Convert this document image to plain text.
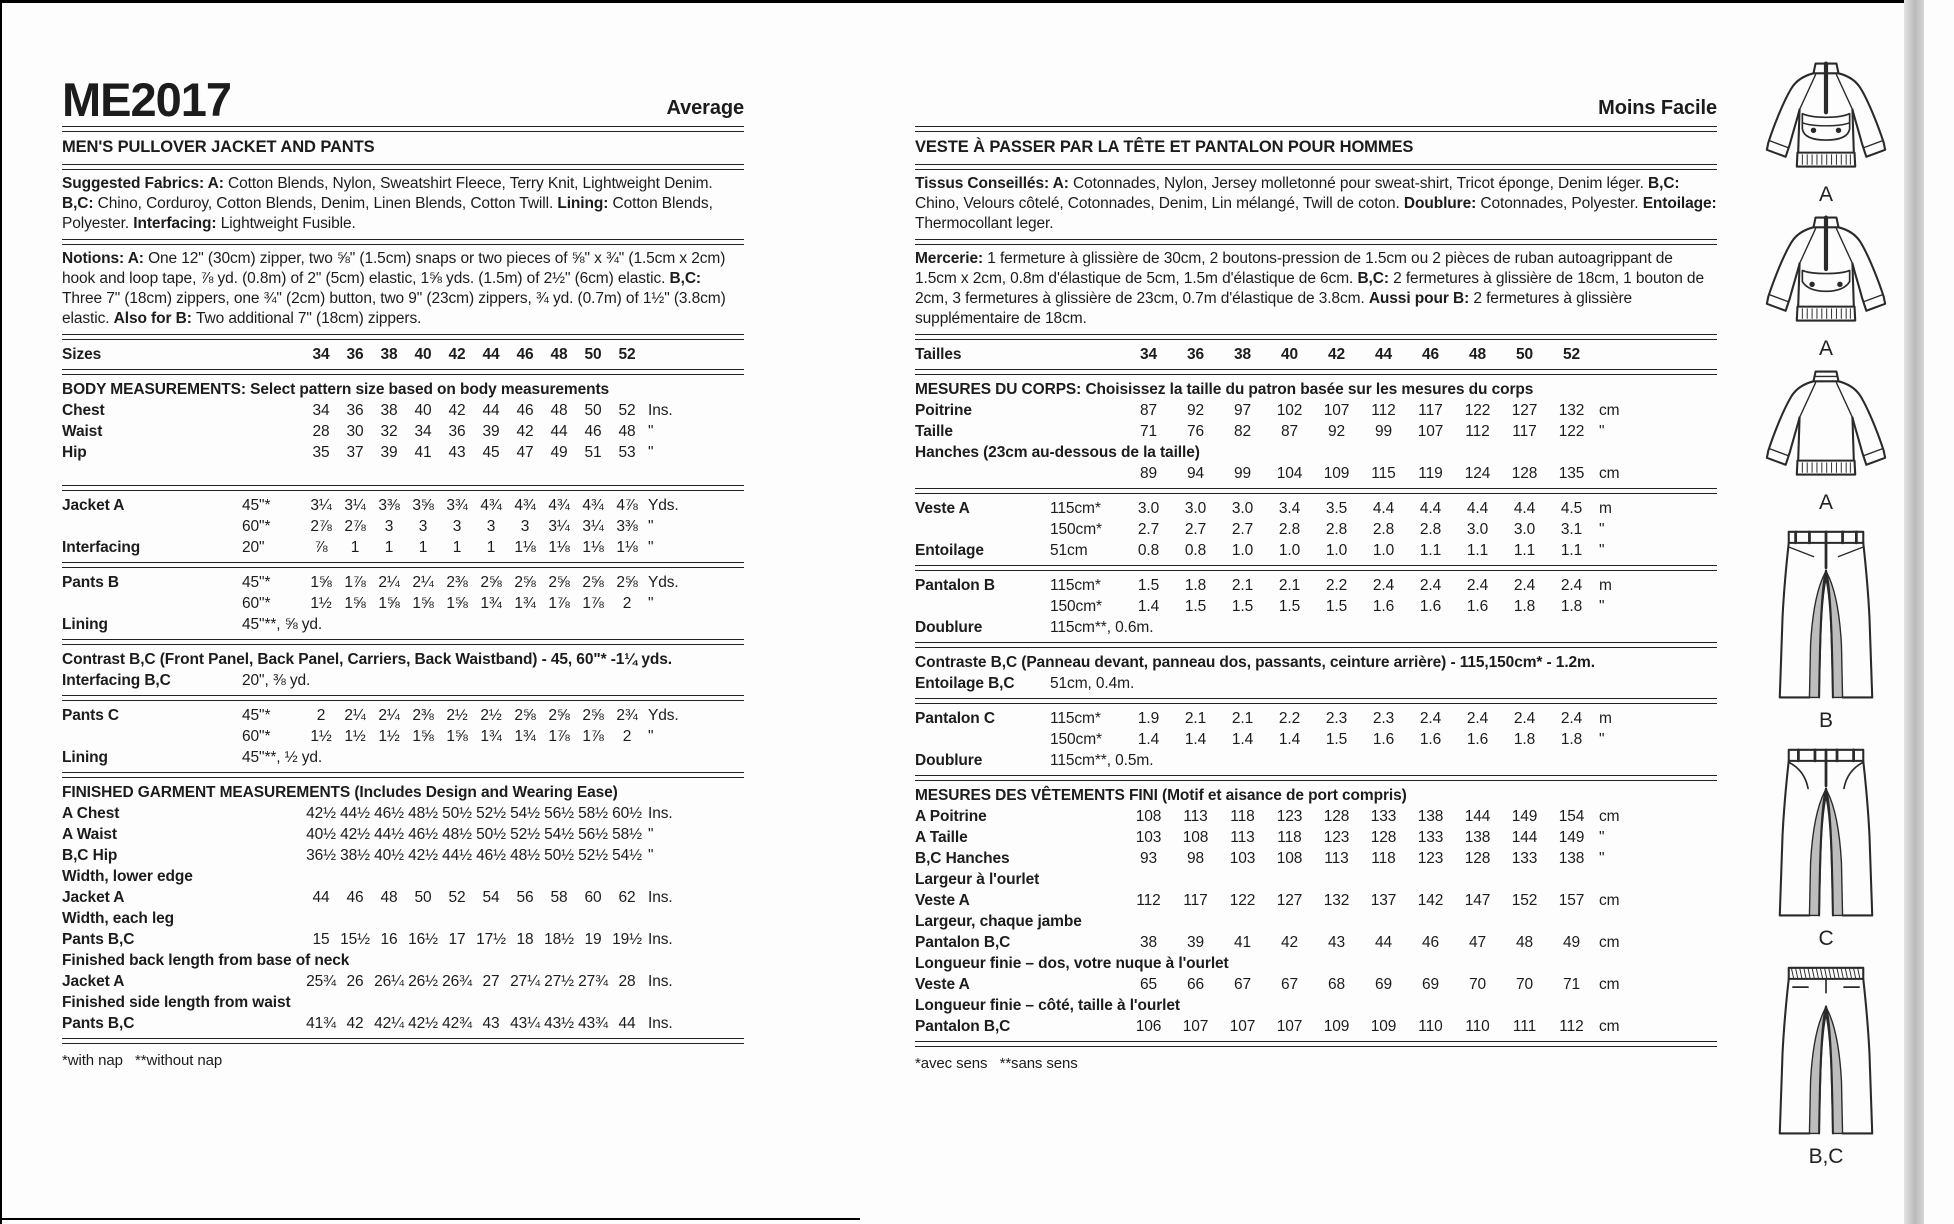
ME2017	Average
MEN'S PULLOVER JACKET AND PANTS

Suggested Fabrics: A: Cotton Blends, Nylon, Sweatshirt Fleece, Terry Knit, Lightweight Denim. B,C: Chino, Corduroy, Cotton Blends, Denim, Linen Blends, Cotton Twill. Lining: Cotton Blends, Polyester. Interfacing: Lightweight Fusible.

Notions: A: One 12" (30cm) zipper, two ⅝" (1.5cm) snaps or two pieces of ⅝" x ¾" (1.5cm x 2cm) hook and loop tape, ⅞ yd. (0.8m) of 2" (5cm) elastic, 1⅝ yds. (1.5m) of 2½" (6cm) elastic. B,C: Three 7" (18cm) zippers, one ¾" (2cm) button, two 9" (23cm) zippers, ¾ yd. (0.7m) of 1½" (3.8cm) elastic. Also for B: Two additional 7" (18cm) zippers.

Sizes	34	36	38	40	42	44	46	48	50	52
BODY MEASUREMENTS: Select pattern size based on body measurements
Chest	34	36	38	40	42	44	46	48	50	52 Ins.
Waist	28	30	32	34	36	39	42	44	46	48 "
Hip	35	37	39	41	43	45	47	49	51	53 "
Jacket A	45"*	3¼ 3¼ 3⅜ 3⅝ 3¾ 4¾ 4¾ 4¾ 4¾ 4⅞ Yds.
60"*	2⅞ 2⅞	3	3	3	3	3	3¼ 3¼ 3⅜ "
Interfacing	20"	⅞	1	1	1	1	1	1⅛ 1⅛ 1⅛ 1⅛ "
Pants B	45"*	1⅝ 1⅞ 2¼ 2¼ 2⅜ 2⅝ 2⅝ 2⅝ 2⅝ 2⅝ Yds.
60"*	1½ 1⅝ 1⅝ 1⅝ 1⅝ 1¾ 1¾ 1⅞ 1⅞	2	"
Lining	45"**, ⅝ yd.
Contrast B,C (Front Panel, Back Panel, Carriers, Back Waistband) - 45, 60"* -1¼ yds.
Interfacing B,C	20", ⅜ yd.
Pants C	45"*	2	2¼ 2¼ 2⅜ 2½ 2½ 2⅝ 2⅝ 2⅝ 2¾ Yds.
60"*	1½ 1½ 1½ 1⅝ 1⅝ 1¾ 1¾ 1⅞ 1⅞	2	"
Lining	45"**, ½ yd.
FINISHED GARMENT MEASUREMENTS (Includes Design and Wearing Ease)
A Chest	42½ 44½ 46½ 48½ 50½ 52½ 54½ 56½ 58½ 60½ Ins.
A Waist	40½ 42½ 44½ 46½ 48½ 50½ 52½ 54½ 56½ 58½ "
B,C Hip	36½ 38½ 40½ 42½ 44½ 46½ 48½ 50½ 52½ 54½ "
Width, lower edge
Jacket A	44	46	48	50	52	54	56	58	60	62 Ins.
Width, each leg
Pants B,C	15 15½ 16 16½ 17 17½ 18 18½ 19 19½ Ins.
Finished back length from base of neck
Jacket A	25¾ 26 26¼ 26½ 26¾ 27 27¼ 27½ 27¾ 28 Ins.
Finished side length from waist
Pants B,C	41¾ 42 42¼ 42½ 42¾ 43 43¼ 43½ 43¾ 44 Ins.

*with nap   **without nap

Moins Facile
VESTE À PASSER PAR LA TÊTE ET PANTALON POUR HOMMES

Tissus Conseillés: A: Cotonnades, Nylon, Jersey molletonné pour sweat-shirt, Tricot éponge, Denim léger. B,C: Chino, Velours côtelé, Cotonnades, Denim, Lin mélangé, Twill de coton. Doublure: Cotonnades, Polyester. Entoilage: Thermocollant leger.

Mercerie: 1 fermeture à glissière de 30cm, 2 boutons-pression de 1.5cm ou 2 pièces de ruban autoagrippant de 1.5cm x 2cm, 0.8m d'élastique de 5cm, 1.5m d'élastique de 6cm. B,C: 2 fermetures à glissière de 18cm, 1 bouton de 2cm, 3 fermetures à glissière de 23cm, 0.7m d'élastique de 3.8cm. Aussi pour B: 2 fermetures à glissière supplémentaire de 18cm.

Tailles	34	36	38	40	42	44	46	48	50	52
MESURES DU CORPS: Choisissez la taille du patron basée sur les mesures du corps
Poitrine	87	92	97	102	107	112	117	122	127	132 cm
Taille	71	76	82	87	92	99	107	112	117	122 "
Hanches (23cm au-dessous de la taille)
89	94	99	104	109	115	119	124	128	135 cm
Veste A	115cm*	3.0	3.0	3.0	3.4	3.5	4.4	4.4	4.4	4.4	4.5	m
150cm*	2.7	2.7	2.7	2.8	2.8	2.8	2.8	3.0	3.0	3.1	"
Entoilage	51cm	0.8	0.8	1.0	1.0	1.0	1.0	1.1	1.1	1.1	1.1	"
Pantalon B	115cm*	1.5	1.8	2.1	2.1	2.2	2.4	2.4	2.4	2.4	2.4	m
150cm*	1.4	1.5	1.5	1.5	1.5	1.6	1.6	1.6	1.8	1.8	"
Doublure	115cm**, 0.6m.
Contraste B,C (Panneau devant, panneau dos, passants, ceinture arrière) - 115,150cm* - 1.2m.
Entoilage B,C	51cm, 0.4m.
Pantalon C	115cm*	1.9	2.1	2.1	2.2	2.3	2.3	2.4	2.4	2.4	2.4	m
150cm*	1.4	1.4	1.4	1.4	1.5	1.6	1.6	1.6	1.8	1.8	"
Doublure	115cm**, 0.5m.
MESURES DES VÊTEMENTS FINI (Motif et aisance de port compris)
A Poitrine	108	113	118	123	128	133	138	144	149	154 cm
A Taille	103	108	113	118	123	128	133	138	144	149 "
B,C Hanches	93	98	103	108	113	118	123	128	133	138 "
Largeur à l'ourlet
Veste A	112	117	122	127	132	137	142	147	152	157 cm
Largeur, chaque jambe
Pantalon B,C	38	39	41	42	43	44	46	47	48	49	cm
Longueur finie – dos, votre nuque à l'ourlet
Veste A	65	66	67	67	68	69	69	70	70	71	cm
Longueur finie – côté, taille à l'ourlet
Pantalon B,C	106	107	107	107	109	109	110	110	111	112 cm

*avec sens   **sans sens

A
A
A
B
C
B,C
